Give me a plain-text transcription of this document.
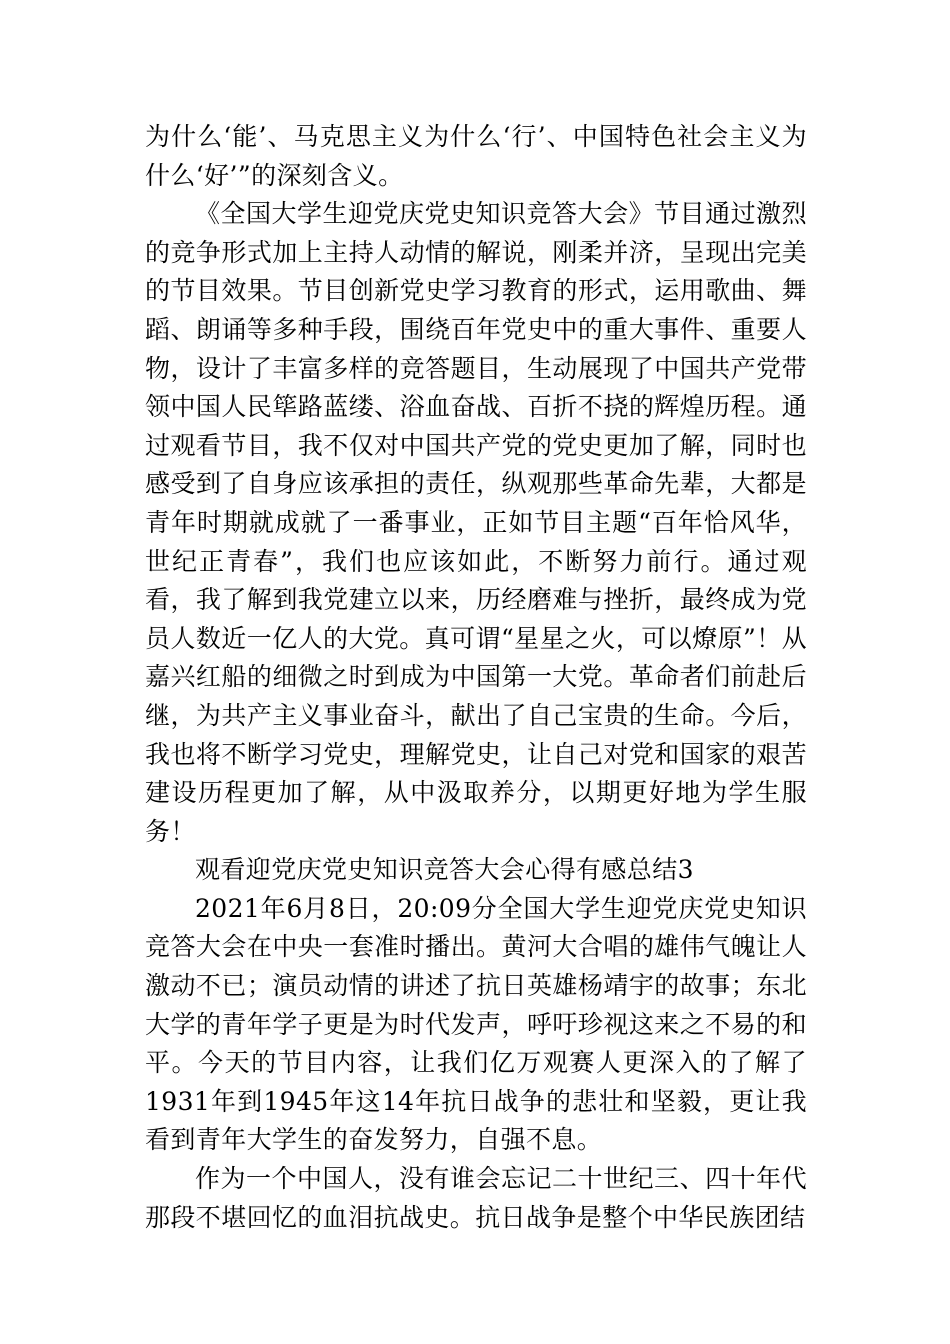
为什么‘能’、马克思主义为什么‘行’、中国特色社会主义为什么‘好’”的深刻含义。

《全国大学生迎党庆党史知识竞答大会》节目通过激烈的竞争形式加上主持人动情的解说，刚柔并济，呈现出完美的节目效果。节目创新党史学习教育的形式，运用歌曲、舞蹈、朗诵等多种手段，围绕百年党史中的重大事件、重要人物，设计了丰富多样的竞答题目，生动展现了中国共产党带领中国人民筚路蓝缕、浴血奋战、百折不挠的辉煌历程。通过观看节目，我不仅对中国共产党的党史更加了解，同时也感受到了自身应该承担的责任，纵观那些革命先辈，大都是青年时期就成就了一番事业，正如节目主题“百年恰风华，世纪正青春”，我们也应该如此，不断努力前行。通过观看，我了解到我党建立以来，历经磨难与挫折，最终成为党员人数近一亿人的大党。真可谓“星星之火，可以燎原”！从嘉兴红船的细微之时到成为中国第一大党。革命者们前赴后继，为共产主义事业奋斗，献出了自己宝贵的生命。今后，我也将不断学习党史，理解党史，让自己对党和国家的艰苦建设历程更加了解，从中汲取养分，以期更好地为学生服务！

观看迎党庆党史知识竞答大会心得有感总结3

2021年6月8日，20:09分全国大学生迎党庆党史知识竞答大会在中央一套准时播出。黄河大合唱的雄伟气魄让人激动不已；演员动情的讲述了抗日英雄杨靖宇的故事；东北大学的青年学子更是为时代发声，呼吁珍视这来之不易的和平。今天的节目内容，让我们亿万观赛人更深入的了解了1931年到1945年这14年抗日战争的悲壮和坚毅，更让我看到青年大学生的奋发努力，自强不息。

作为一个中国人，没有谁会忘记二十世纪三、四十年代那段不堪回忆的血泪抗战史。抗日战争是整个中华民族团结
